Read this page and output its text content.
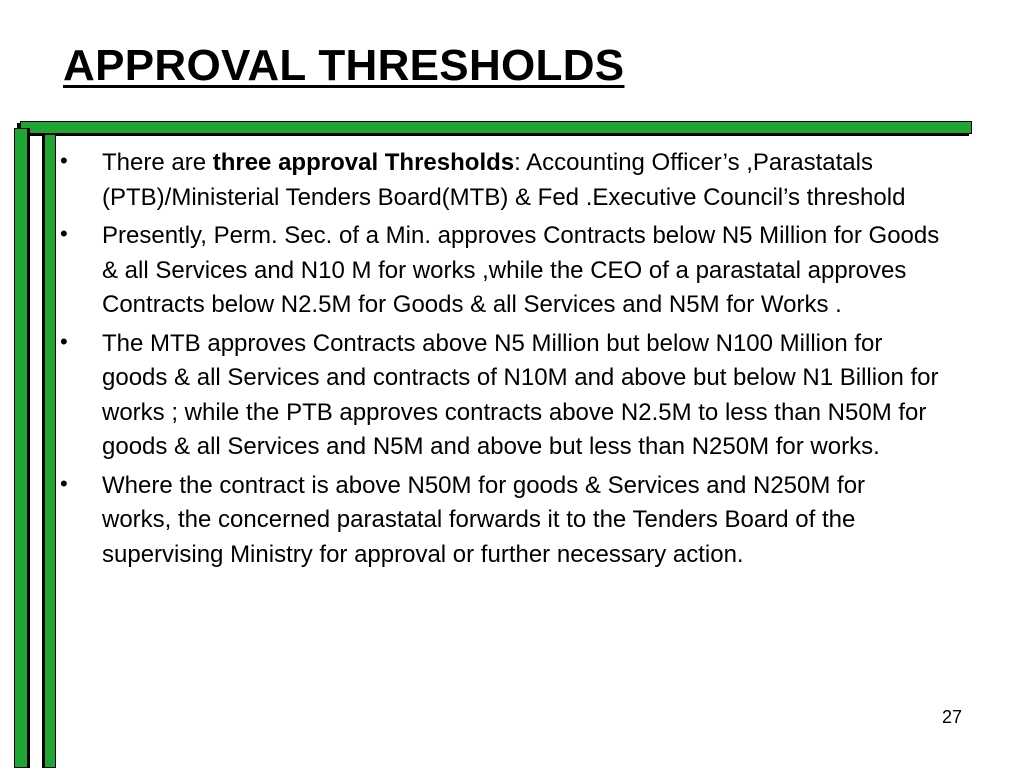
APPROVAL THRESHOLDS
•	There are three approval Thresholds: Accounting Officer’s ,Parastatals (PTB)/Ministerial Tenders Board(MTB) & Fed .Executive Council’s threshold
•	Presently, Perm. Sec. of a Min. approves Contracts below N5 Million for Goods & all Services and N10 M for works ,while the CEO of a parastatal approves Contracts below N2.5M for Goods & all Services and N5M for Works .
•	The MTB approves Contracts above N5 Million but below N100 Million for goods & all Services and contracts of N10M and above but below N1 Billion for works ; while the PTB approves contracts above N2.5M to less than N50M for goods & all Services and N5M and above but less than N250M for works.
•	Where the contract is above N50M for goods & Services and N250M for works, the concerned parastatal forwards it to the Tenders Board of the supervising Ministry for approval or further necessary action.
27
